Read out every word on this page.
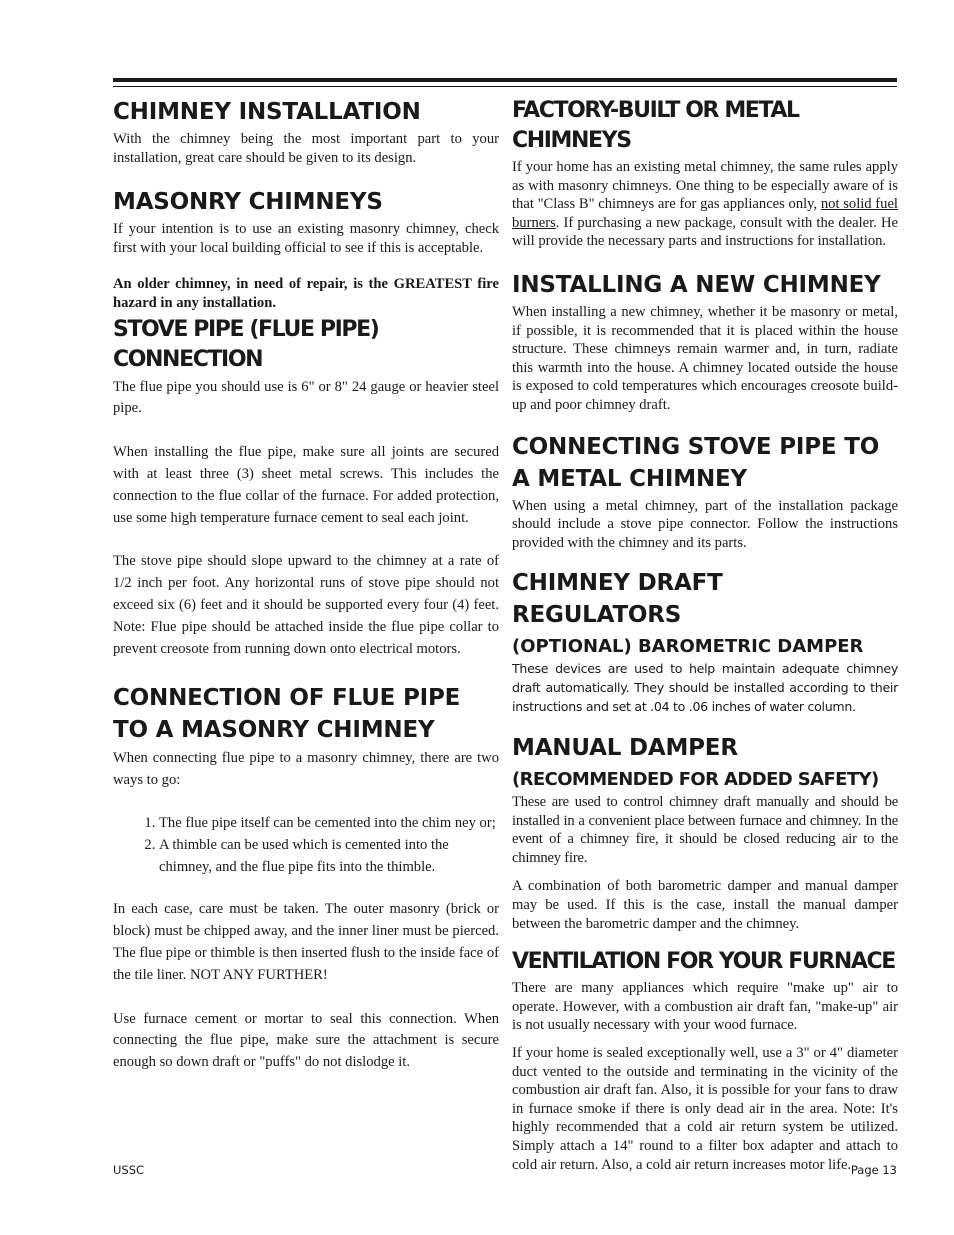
CHIMNEY INSTALLATION

With the chimney being the most important part to your installation, great care should be given to its design.

MASONRY CHIMNEYS

If your intention is to use an existing masonry chimney, check first with your local building official to see if this is acceptable.

An older chimney, in need of repair, is the GREATEST fire hazard in any installation.

STOVE PIPE (FLUE PIPE) CONNECTION

The flue pipe you should use is 6" or 8" 24 gauge or heavier steel pipe.

When installing the flue pipe, make sure all joints are secured with at least three (3) sheet metal screws. This includes the connection to the flue collar of the furnace. For added protection, use some high temperature furnace cement to seal each joint.

The stove pipe should slope upward to the chimney at a rate of 1/2 inch per foot. Any horizontal runs of stove pipe should not exceed six (6) feet and it should be supported every four (4) feet. Note: Flue pipe should be attached inside the flue pipe collar to prevent creosote from running down onto electrical motors.

CONNECTION OF FLUE PIPE TO A MASONRY CHIMNEY

When connecting flue pipe to a masonry chimney, there are two ways to go:

1. The flue pipe itself can be cemented into the chim ney or;
2. A thimble can be used which is cemented into the chimney, and the flue pipe fits into the thimble.

In each case, care must be taken. The outer masonry (brick or block) must be chipped away, and the inner liner must be pierced. The flue pipe or thimble is then inserted flush to the inside face of the tile liner. NOT ANY FURTHER!

Use furnace cement or mortar to seal this connection. When connecting the flue pipe, make sure the attachment is secure enough so down draft or "puffs" do not dislodge it.

FACTORY-BUILT OR METAL CHIMNEYS

If your home has an existing metal chimney, the same rules apply as with masonry chimneys. One thing to be especially aware of is that "Class B" chimneys are for gas appliances only, not solid fuel burners. If purchasing a new package, consult with the dealer. He will provide the necessary parts and instructions for installation.

INSTALLING A NEW CHIMNEY

When installing a new chimney, whether it be masonry or metal, if possible, it is recommended that it is placed within the house structure. These chimneys remain warmer and, in turn, radiate this warmth into the house. A chimney located outside the house is exposed to cold temperatures which encourages creosote build-up and poor chimney draft.

CONNECTING STOVE PIPE TO A METAL CHIMNEY

When using a metal chimney, part of the installation package should include a stove pipe connector. Follow the instructions provided with the chimney and its parts.

CHIMNEY DRAFT REGULATORS
(OPTIONAL) BAROMETRIC DAMPER

These devices are used to help maintain adequate chimney draft automatically. They should be installed according to their instructions and set at .04 to .06 inches of water column.

MANUAL DAMPER
(RECOMMENDED FOR ADDED SAFETY)

These are used to control chimney draft manually and should be installed in a convenient place between furnace and chimney. In the event of a chimney fire, it should be closed reducing air to the chimney fire.

A combination of both barometric damper and manual damper may be used. If this is the case, install the manual damper between the barometric damper and the chimney.

VENTILATION FOR YOUR FURNACE

There are many appliances which require "make up" air to operate. However, with a combustion air draft fan, "make-up" air is not usually necessary with your wood furnace.

If your home is sealed exceptionally well, use a 3" or 4" diameter duct vented to the outside and terminating in the vicinity of the combustion air draft fan. Also, it is possible for your fans to draw in furnace smoke if there is only dead air in the area. Note: It's highly recommended that a cold air return system be utilized. Simply attach a 14" round to a filter box adapter and attach to cold air return. Also, a cold air return increases motor life.

USSC	Page 13
